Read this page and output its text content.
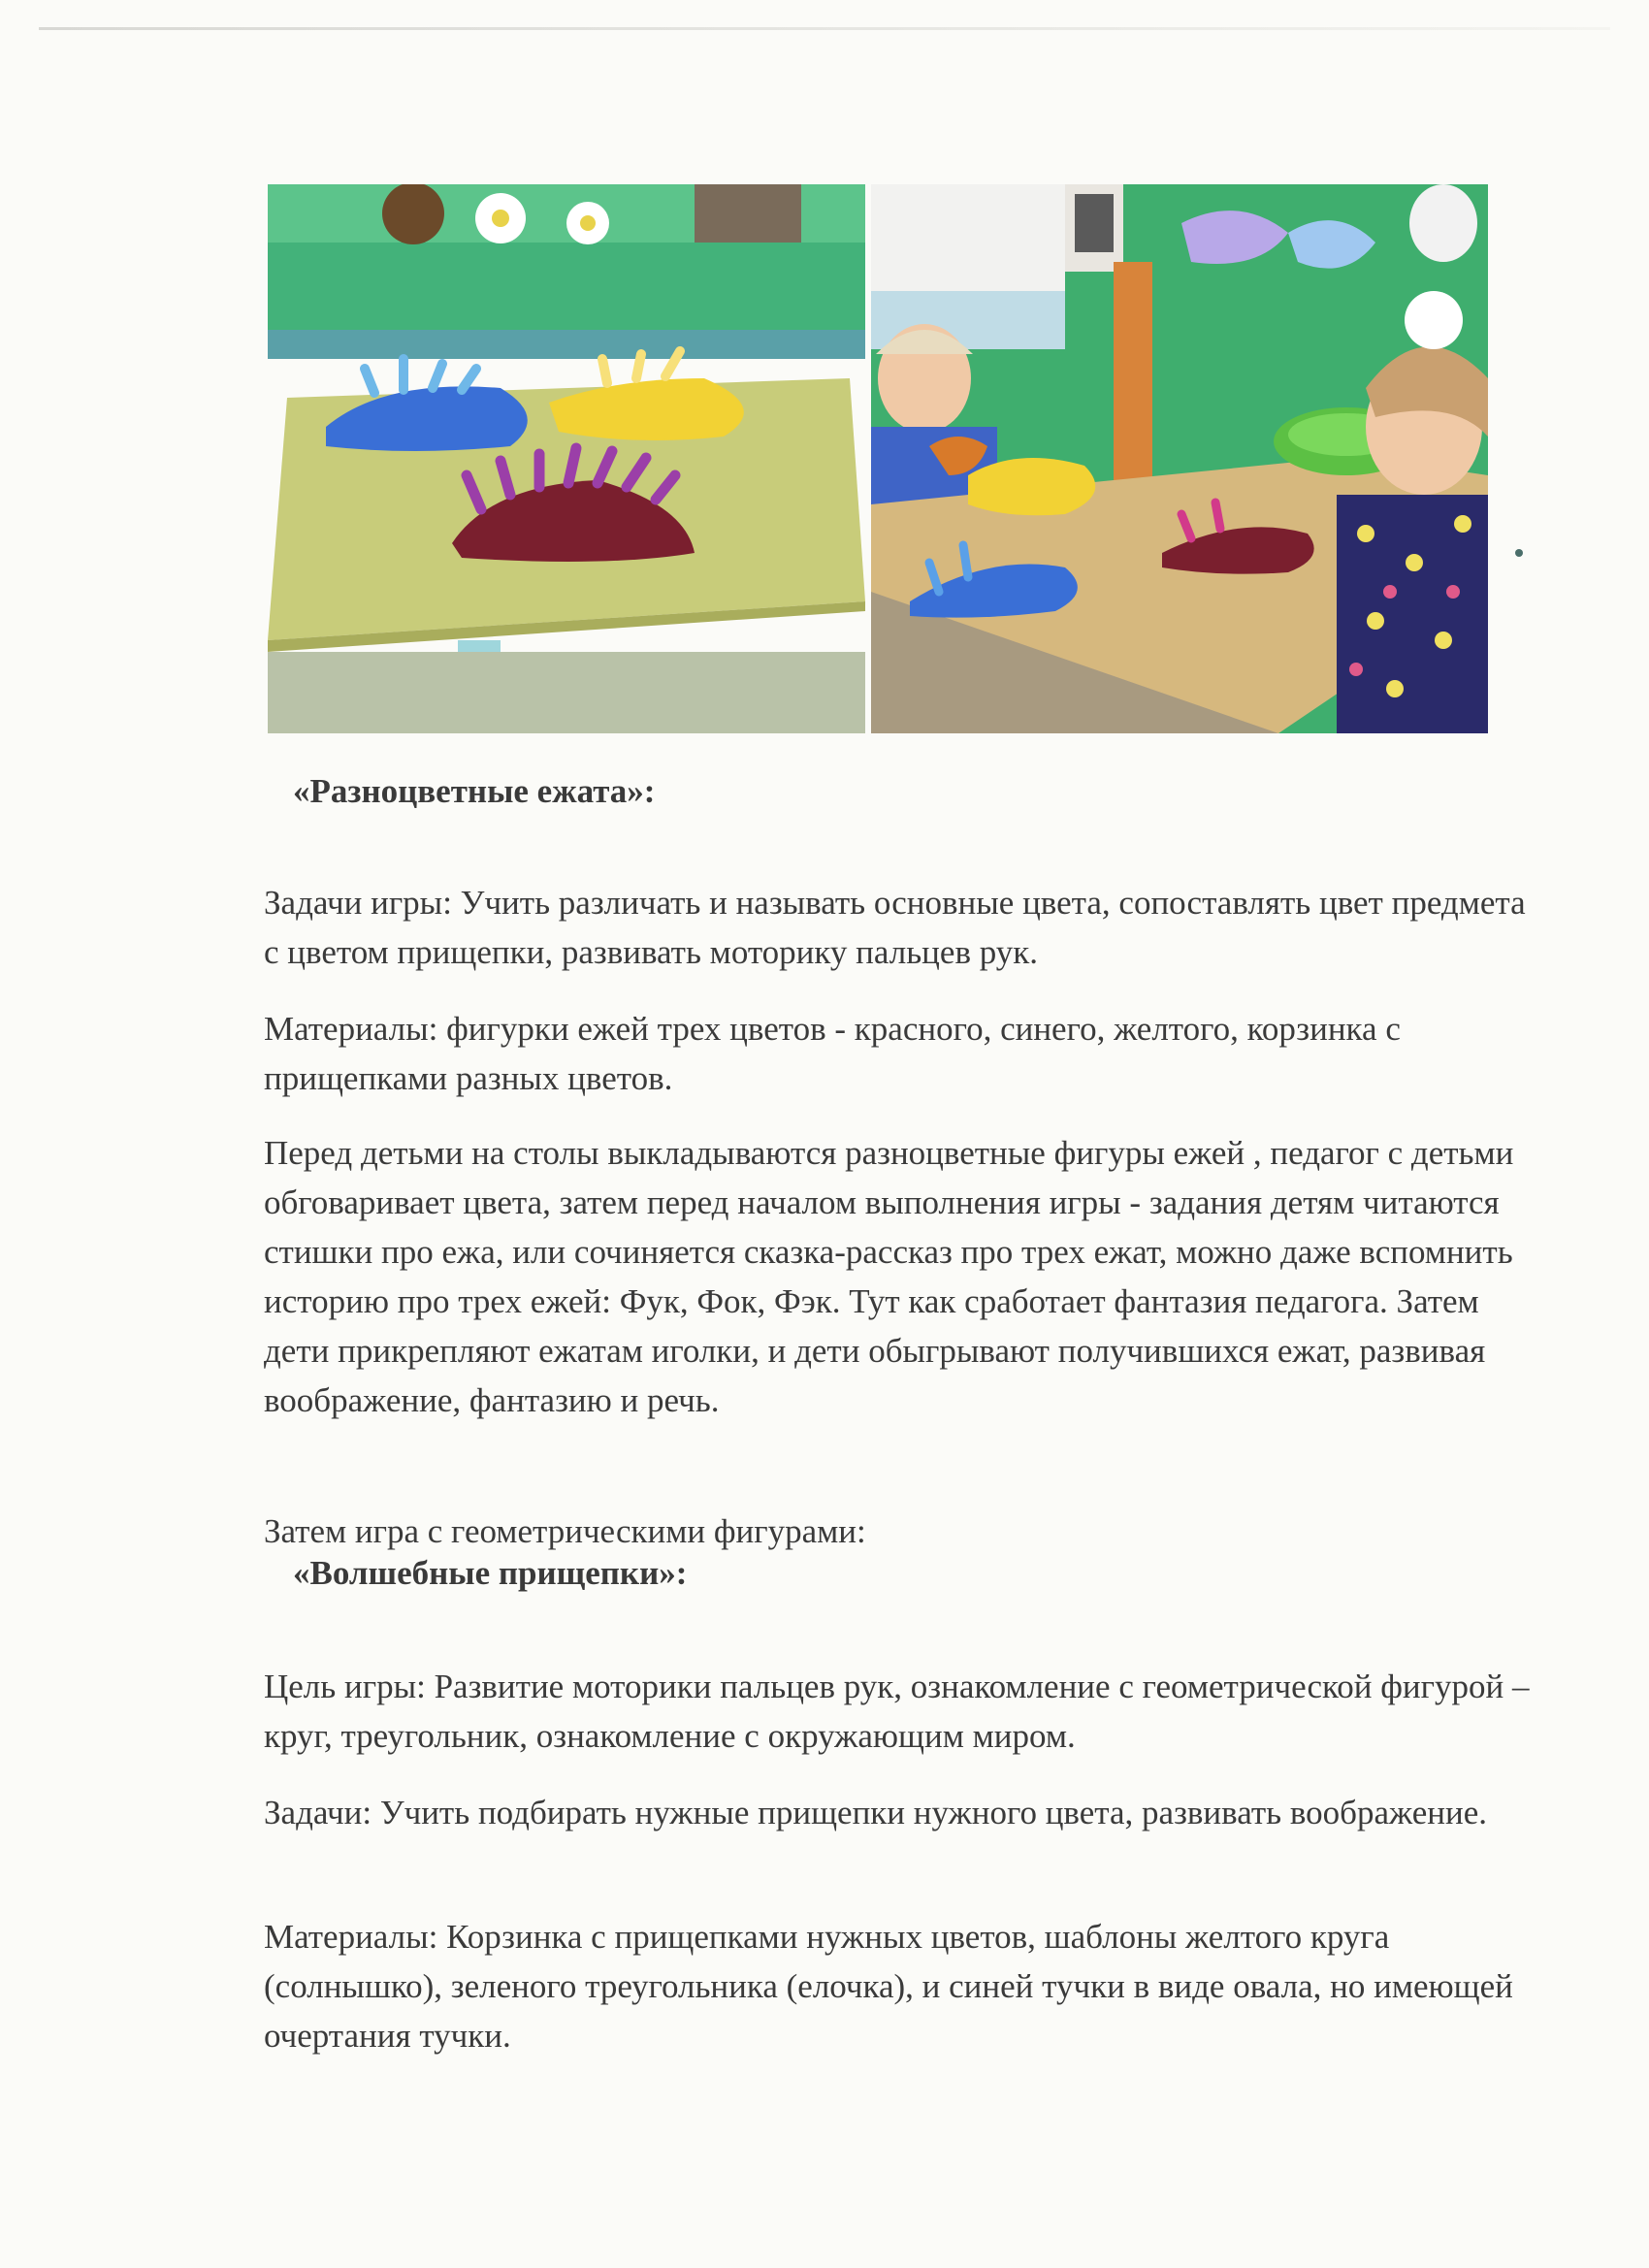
«Разноцветные ежата»:

Задачи игры: Учить различать и называть основные цвета, сопоставлять цвет предмета с цветом прищепки, развивать моторику пальцев рук.

Материалы: фигурки ежей трех цветов - красного, синего, желтого, корзинка с прищепками разных цветов.

Перед детьми на столы выкладываются разноцветные фигуры ежей , педагог с детьми обговаривает цвета, затем перед началом выполнения игры - задания детям читаются стишки про ежа, или сочиняется сказка-рассказ про трех ежат, можно даже вспомнить историю про трех ежей: Фук, Фок, Фэк. Тут как сработает фантазия педагога. Затем дети прикрепляют ежатам иголки, и дети обыгрывают получившихся ежат, развивая воображение, фантазию и речь.

Затем игра с геометрическими фигурами:

«Волшебные прищепки»:

Цель игры: Развитие моторики пальцев рук, ознакомление с геометрической фигурой – круг, треугольник, ознакомление с окружающим миром.

Задачи: Учить подбирать нужные прищепки нужного цвета, развивать воображение.

Материалы: Корзинка с прищепками нужных цветов, шаблоны желтого круга (солнышко), зеленого треугольника (елочка), и синей тучки в виде овала, но имеющей очертания тучки.
